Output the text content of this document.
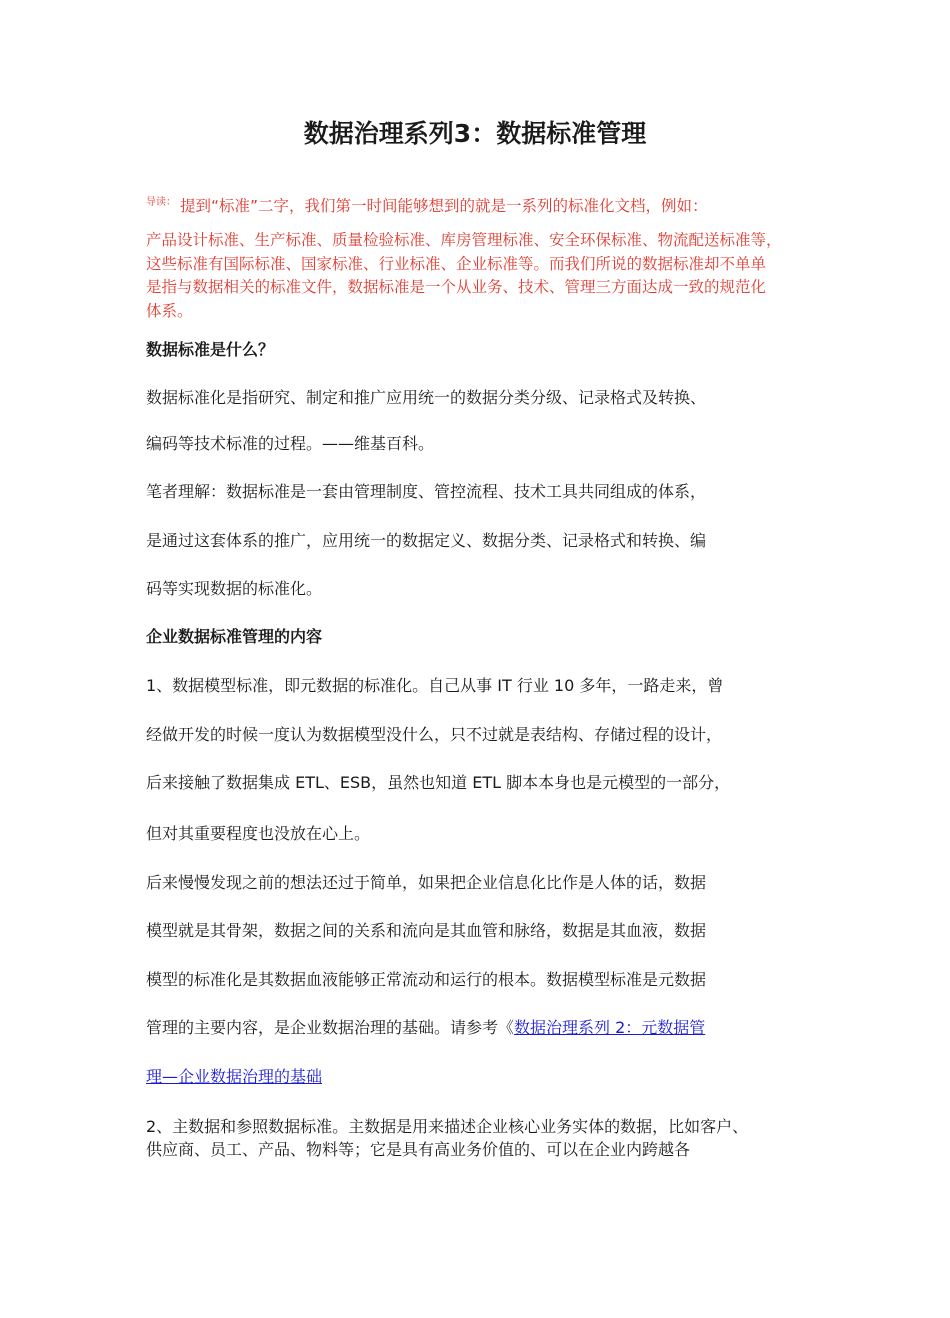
数据治理系列3：数据标准管理
$^{导读:}$ 提到“标准”二字，我们第一时间能够想到的就是一系列的标准化文档，例如：
产品设计标准、生产标准、质量检验标准、库房管理标准、安全环保标准、物流配送标准等，
这些标准有国际标准、国家标准、行业标准、企业标准等。而我们所说的数据标准却不单单
是指与数据相关的标准文件，数据标准是一个从业务、技术、管理三方面达成一致的规范化
体系。
数据标准是什么？
数据标准化是指研究、制定和推广应用统一的数据分类分级、记录格式及转换、
编码等技术标准的过程。——维基百科。
笔者理解：数据标准是一套由管理制度、管控流程、技术工具共同组成的体系，
是通过这套体系的推广，应用统一的数据定义、数据分类、记录格式和转换、编
码等实现数据的标准化。
企业数据标准管理的内容
1、数据模型标准，即元数据的标准化。自己从事 IT 行业 10 多年，一路走来，曾
经做开发的时候一度认为数据模型没什么，只不过就是表结构、存储过程的设计，
后来接触了数据集成 ETL、ESB，虽然也知道 ETL 脚本本身也是元模型的一部分，
但对其重要程度也没放在心上。
后来慢慢发现之前的想法还过于简单，如果把企业信息化比作是人体的话，数据
模型就是其骨架，数据之间的关系和流向是其血管和脉络，数据是其血液，数据
模型的标准化是其数据血液能够正常流动和运行的根本。数据模型标准是元数据
管理的主要内容，是企业数据治理的基础。请参考《数据治理系列 2：元数据管
理—企业数据治理的基础
2、主数据和参照数据标准。主数据是用来描述企业核心业务实体的数据，比如客户、
供应商、员工、产品、物料等；它是具有高业务价值的、可以在企业内跨越各
